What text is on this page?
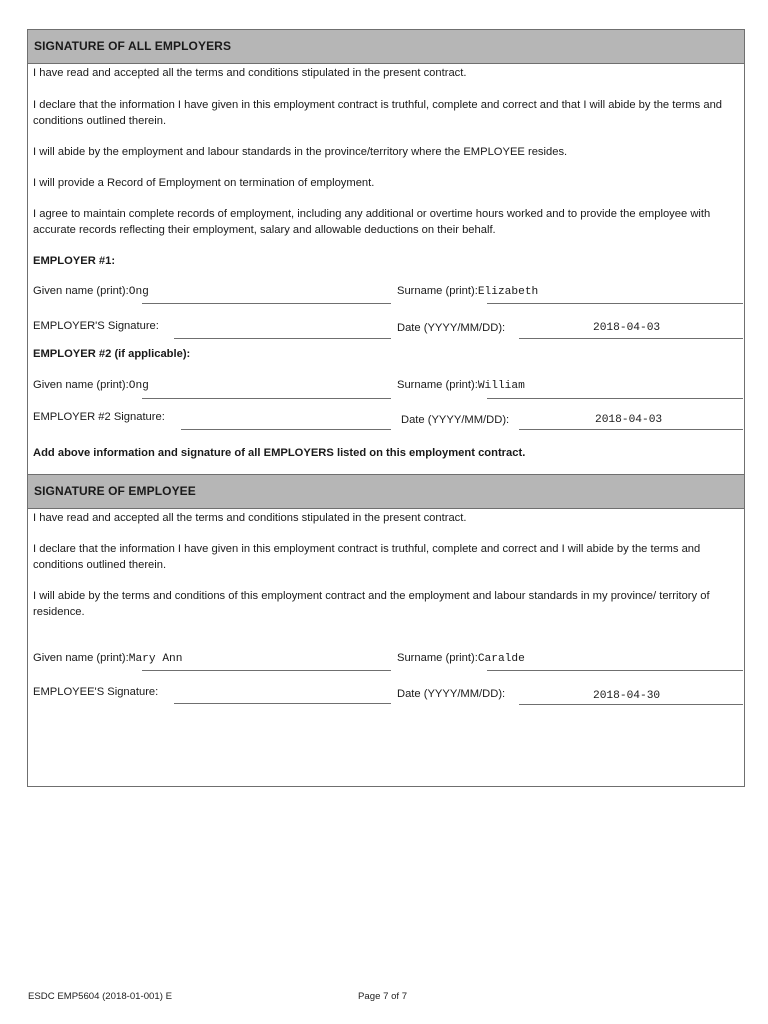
SIGNATURE OF ALL EMPLOYERS
I have read and accepted all the terms and conditions stipulated in the present contract.
I declare that the information I have given in this employment contract is truthful, complete and correct and that I will abide by the terms and conditions outlined therein.
I will abide by the employment and labour standards in the province/territory where the EMPLOYEE resides.
I will provide a Record of Employment on termination of employment.
I agree to maintain complete records of employment, including any additional or overtime hours worked and to provide the employee with accurate records reflecting their employment, salary and allowable deductions on their behalf.
EMPLOYER #1:
Given name (print):Ong	Surname (print):Elizabeth
EMPLOYER'S Signature:	Date (YYYY/MM/DD):	2018-04-03
EMPLOYER #2 (if applicable):
Given name (print):Ong	Surname (print):William
EMPLOYER #2 Signature:	Date (YYYY/MM/DD):	2018-04-03
Add above information and signature of all EMPLOYERS listed on this employment contract.
SIGNATURE OF EMPLOYEE
I have read and accepted all the terms and conditions stipulated in the present contract.
I declare that the information I have given in this employment contract is truthful, complete and correct and I will abide by the terms and conditions outlined therein.
I will abide by the terms and conditions of this employment contract and the employment and labour standards in my province/ territory of residence.
Given name (print):Mary Ann	Surname (print):Caralde
EMPLOYEE'S Signature:	Date (YYYY/MM/DD):	2018-04-30
ESDC EMP5604 (2018-01-001) E	Page 7 of 7
